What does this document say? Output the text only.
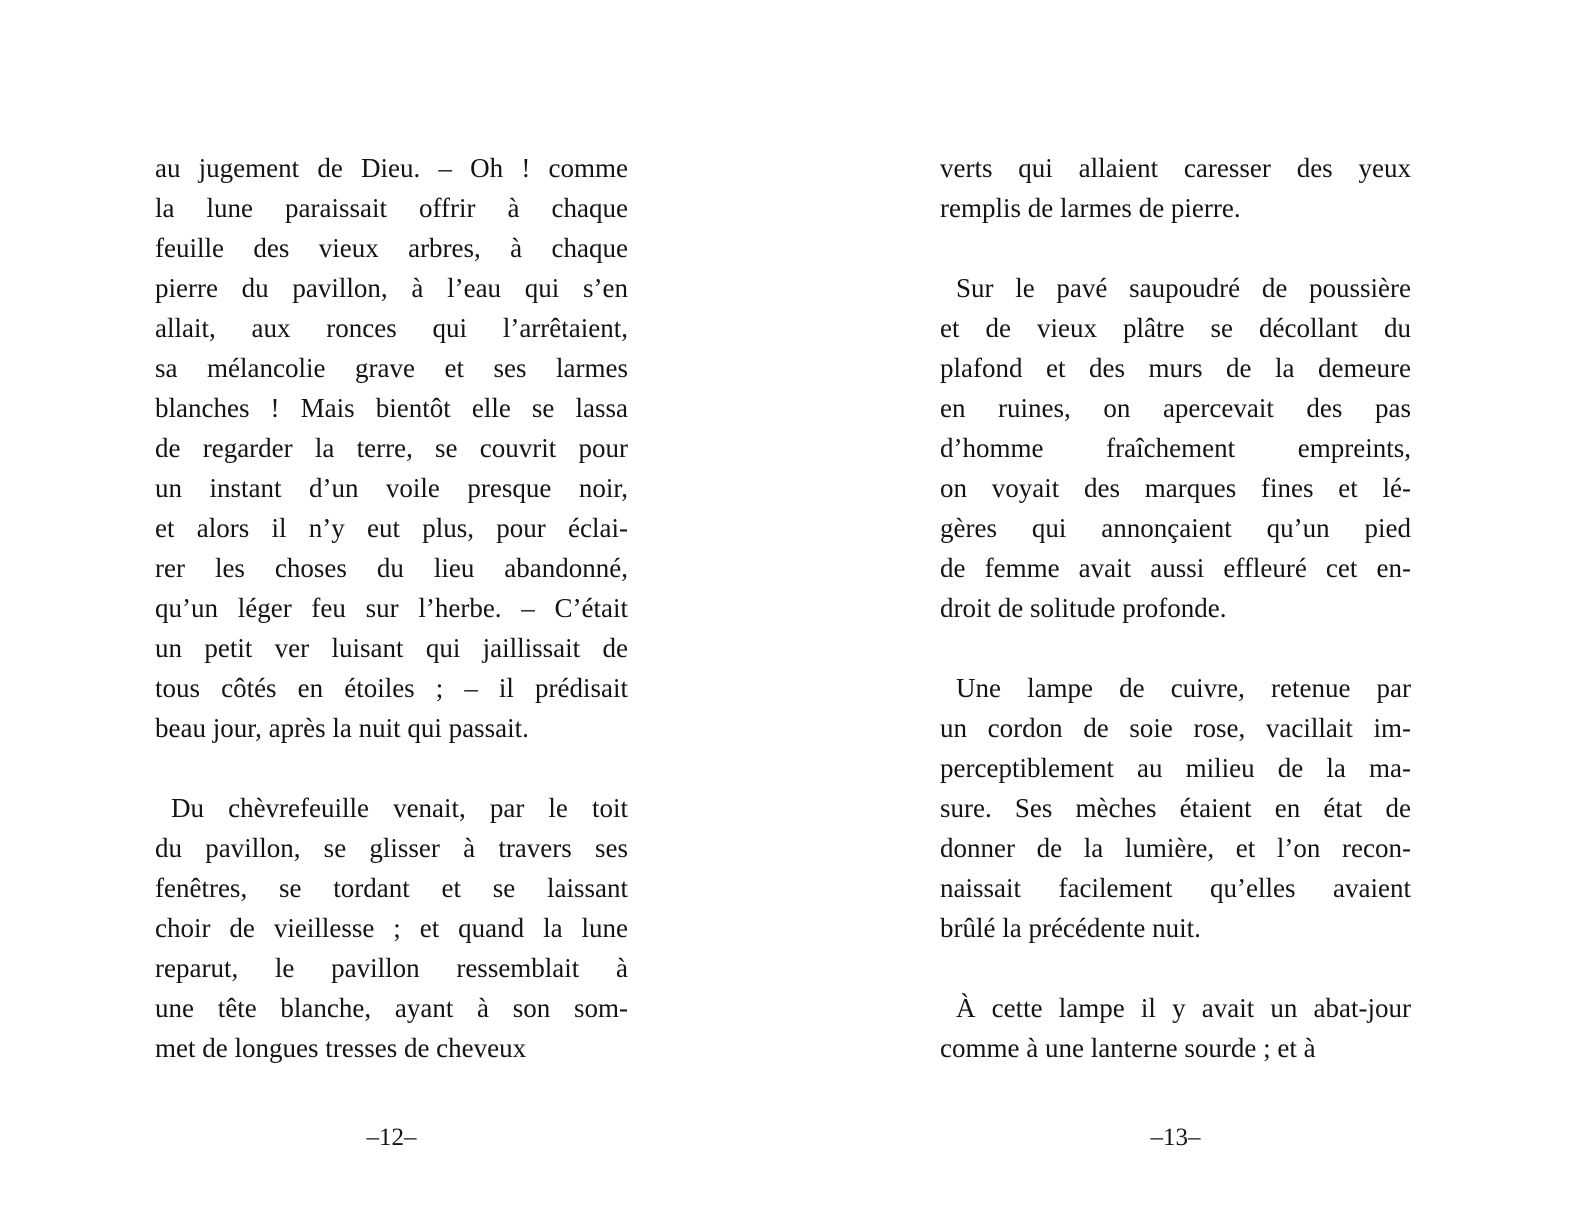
au jugement de Dieu. – Oh ! comme
la lune paraissait offrir à chaque
feuille des vieux arbres, à chaque
pierre du pavillon, à l’eau qui s’en
allait, aux ronces qui l’arrêtaient,
sa mélancolie grave et ses larmes
blanches ! Mais bientôt elle se lassa
de regarder la terre, se couvrit pour
un instant d’un voile presque noir,
et alors il n’y eut plus, pour éclai-
rer les choses du lieu abandonné,
qu’un léger feu sur l’herbe. – C’était
un petit ver luisant qui jaillissait de
tous côtés en étoiles ; – il prédisait
beau jour, après la nuit qui passait.
Du chèvrefeuille venait, par le toit
du pavillon, se glisser à travers ses
fenêtres, se tordant et se laissant
choir de vieillesse ; et quand la lune
reparut, le pavillon ressemblait à
une tête blanche, ayant à son som-
met de longues tresses de cheveux
verts qui allaient caresser des yeux
remplis de larmes de pierre.
Sur le pavé saupoudré de poussière
et de vieux plâtre se décollant du
plafond et des murs de la demeure
en ruines, on apercevait des pas
d’homme fraîchement empreints,
on voyait des marques fines et lé-
gères qui annonçaient qu’un pied
de femme avait aussi effleuré cet en-
droit de solitude profonde.
Une lampe de cuivre, retenue par
un cordon de soie rose, vacillait im-
perceptiblement au milieu de la ma-
sure. Ses mèches étaient en état de
donner de la lumière, et l’on recon-
naissait facilement qu’elles avaient
brûlé la précédente nuit.
À cette lampe il y avait un abat-jour
comme à une lanterne sourde ; et à
–12–	–13–
